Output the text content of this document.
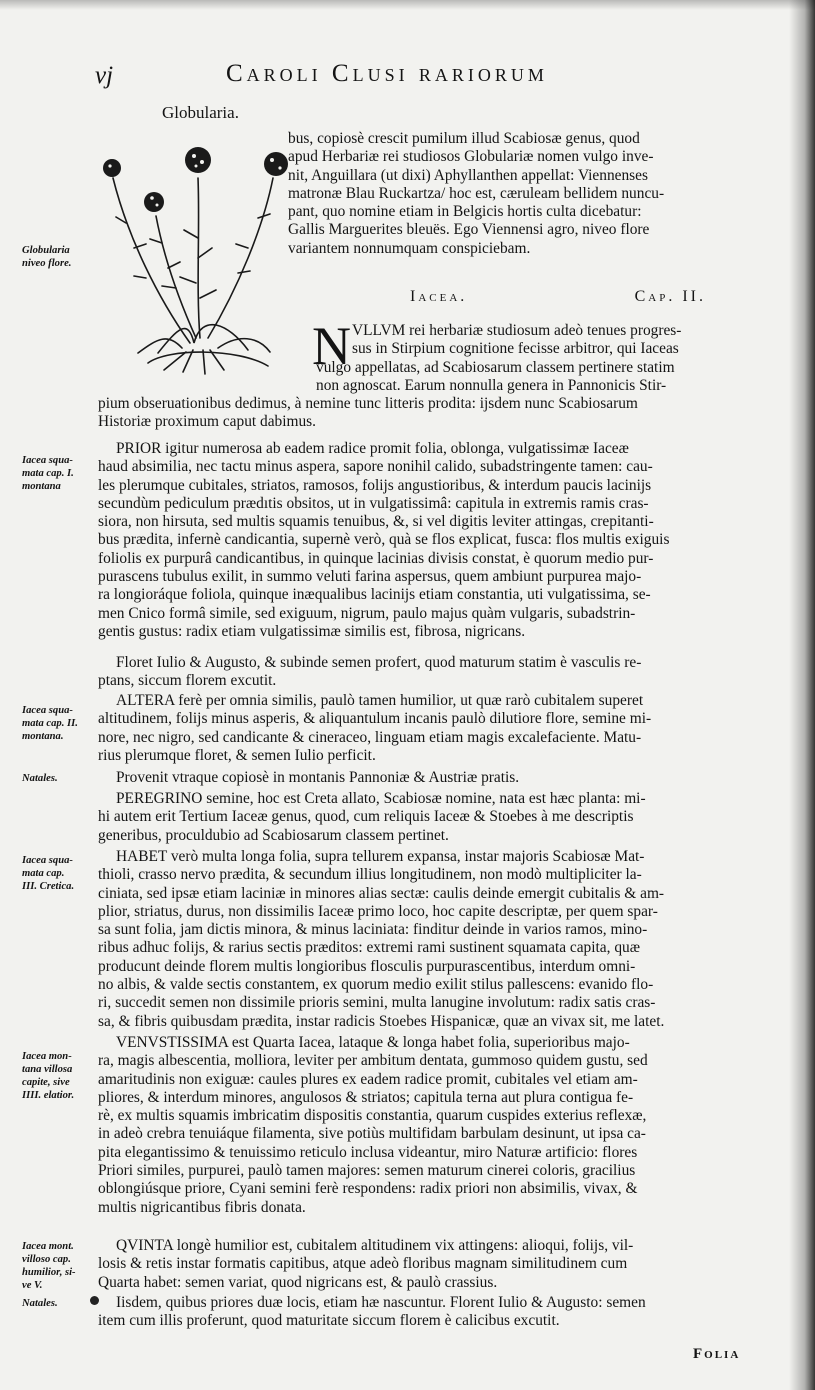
vj	Caroli Clusi rariorum
Globularia.
bus, copiosè crescit pumilum illud Scabiosæ genus, quod
apud Herbariæ rei studiosos Globulariæ nomen vulgo inve-
nit, Anguillara (ut dixi) Aphyllanthen appellat: Viennenses
matronæ Blau Ruckartza/ hoc est, cæruleam bellidem nuncu-
pant, quo nomine etiam in Belgicis hortis culta dicebatur:
Gallis Marguerites bleuës. Ego Viennensi agro, niveo flore
variantem nonnumquam conspiciebam.
Iacea.	Cap. II.
N VLLVM rei herbariæ studiosum adeò tenues progres-
sus in Stirpium cognitione fecisse arbitror, qui Iaceas
vulgo appellatas, ad Scabiosarum classem pertinere statim
non agnoscat. Earum nonnulla genera in Pannonicis Stir-
pium obseruationibus dedimus, à nemine tunc litteris prodita: ijsdem nunc Scabiosarum
Historiæ proximum caput dabimus.
PRIOR igitur numerosa ab eadem radice promit folia, oblonga, vulgatissimæ Iaceæ
haud absimilia, nec tactu minus aspera, sapore nonihil calido, subadstringente tamen: cau-
les plerumque cubitales, striatos, ramosos, folijs angustioribus, & interdum paucis lacinijs
secundùm pediculum prædıtis obsitos, ut in vulgatissimâ: capitula in extremis ramis cras-
siora, non hirsuta, sed multis squamis tenuibus, &, si vel digitis leviter attingas, crepitanti-
bus prædita, infernè candicantia, supernè verò, quà se flos explicat, fusca: flos multis exiguis
foliolis ex purpurâ candicantibus, in quinque lacinias divisis constat, è quorum medio pur-
purascens tubulus exilit, in summo veluti farina aspersus, quem ambiunt purpurea majo-
ra longioráque foliola, quinque inæqualibus lacinijs etiam constantia, uti vulgatissima, se-
men Cnico formâ simile, sed exiguum, nigrum, paulo majus quàm vulgaris, subadstrin-
gentis gustus: radix etiam vulgatissimæ similis est, fibrosa, nigricans.
Floret Iulio & Augusto, & subinde semen profert, quod maturum statim è vasculis re-
ptans, siccum florem excutit.
ALTERA ferè per omnia similis, paulò tamen humilior, ut quæ rarò cubitalem superet
altitudinem, folijs minus asperis, & aliquantulum incanis paulò dilutiore flore, semine mi-
nore, nec nigro, sed candicante & cineraceo, linguam etiam magis excalefaciente. Matu-
rius plerumque floret, & semen Iulio perficit.
Provenit vtraque copiosè in montanis Pannoniæ & Austriæ pratis.
PEREGRINO semine, hoc est Creta allato, Scabiosæ nomine, nata est hæc planta: mi-
hi autem erit Tertium Iaceæ genus, quod, cum reliquis Iaceæ & Stoebes à me descriptis
generibus, proculdubio ad Scabiosarum classem pertinet.
HABET verò multa longa folia, supra tellurem expansa, instar majoris Scabiosæ Mat-
thioli, crasso nervo prædita, & secundum illius longitudinem, non modò multipliciter la-
ciniata, sed ipsæ etiam laciniæ in minores alias sectæ: caulis deinde emergit cubitalis & am-
plior, striatus, durus, non dissimilis Iaceæ primo loco, hoc capite descriptæ, per quem spar-
sa sunt folia, jam dictis minora, & minus laciniata: finditur deinde in varios ramos, mino-
ribus adhuc folijs, & rarius sectis præditos: extremi rami sustinent squamata capita, quæ
producunt deinde florem multis longioribus flosculis purpurascentibus, interdum omni-
no albis, & valde sectis constantem, ex quorum medio exilit stilus pallescens: evanido flo-
ri, succedit semen non dissimile prioris semini, multa lanugine involutum: radix satis cras-
sa, & fibris quibusdam prædita, instar radicis Stoebes Hispanicæ, quæ an vivax sit, me latet.
VENVSTISSIMA est Quarta Iacea, lataque & longa habet folia, superioribus majo-
ra, magis albescentia, molliora, leviter per ambitum dentata, gummoso quidem gustu, sed
amaritudinis non exiguæ: caules plures ex eadem radice promit, cubitales vel etiam am-
pliores, & interdum minores, angulosos & striatos; capitula terna aut plura contigua fe-
rè, ex multis squamis imbricatim dispositis constantia, quarum cuspides exterius reflexæ,
in adeò crebra tenuiáque filamenta, sive potiùs multifidam barbulam desinunt, ut ipsa ca-
pita elegantissimo & tenuissimo reticulo inclusa videantur, miro Naturæ artificio: flores
Priori similes, purpurei, paulò tamen majores: semen maturum cinerei coloris, gracilius
oblongiúsque priore, Cyani semini ferè respondens: radix priori non absimilis, vivax, &
multis nigricantibus fibris donata.
QVINTA longè humilior est, cubitalem altitudinem vix attingens: alioqui, folijs, vil-
losis & retis instar formatis capitibus, atque adeò floribus magnam similitudinem cum
Quarta habet: semen variat, quod nigricans est, & paulò crassius.
Iisdem, quibus priores duæ locis, etiam hæ nascuntur. Florent Iulio & Augusto: semen
item cum illis proferunt, quod maturitate siccum florem è calicibus excutit.
Globularia
niveo flore.
Iacea squa-
mata cap. I.
montana
Iacea squa-
mata cap. II.
montana.
Natales.
Iacea squa-
mata cap.
III. Cretica.
Iacea mon-
tana villosa
capite, sive
IIII. elatior.
Iacea mont.
villoso cap.
humilior, si-
ve V.
Natales.
Folia
